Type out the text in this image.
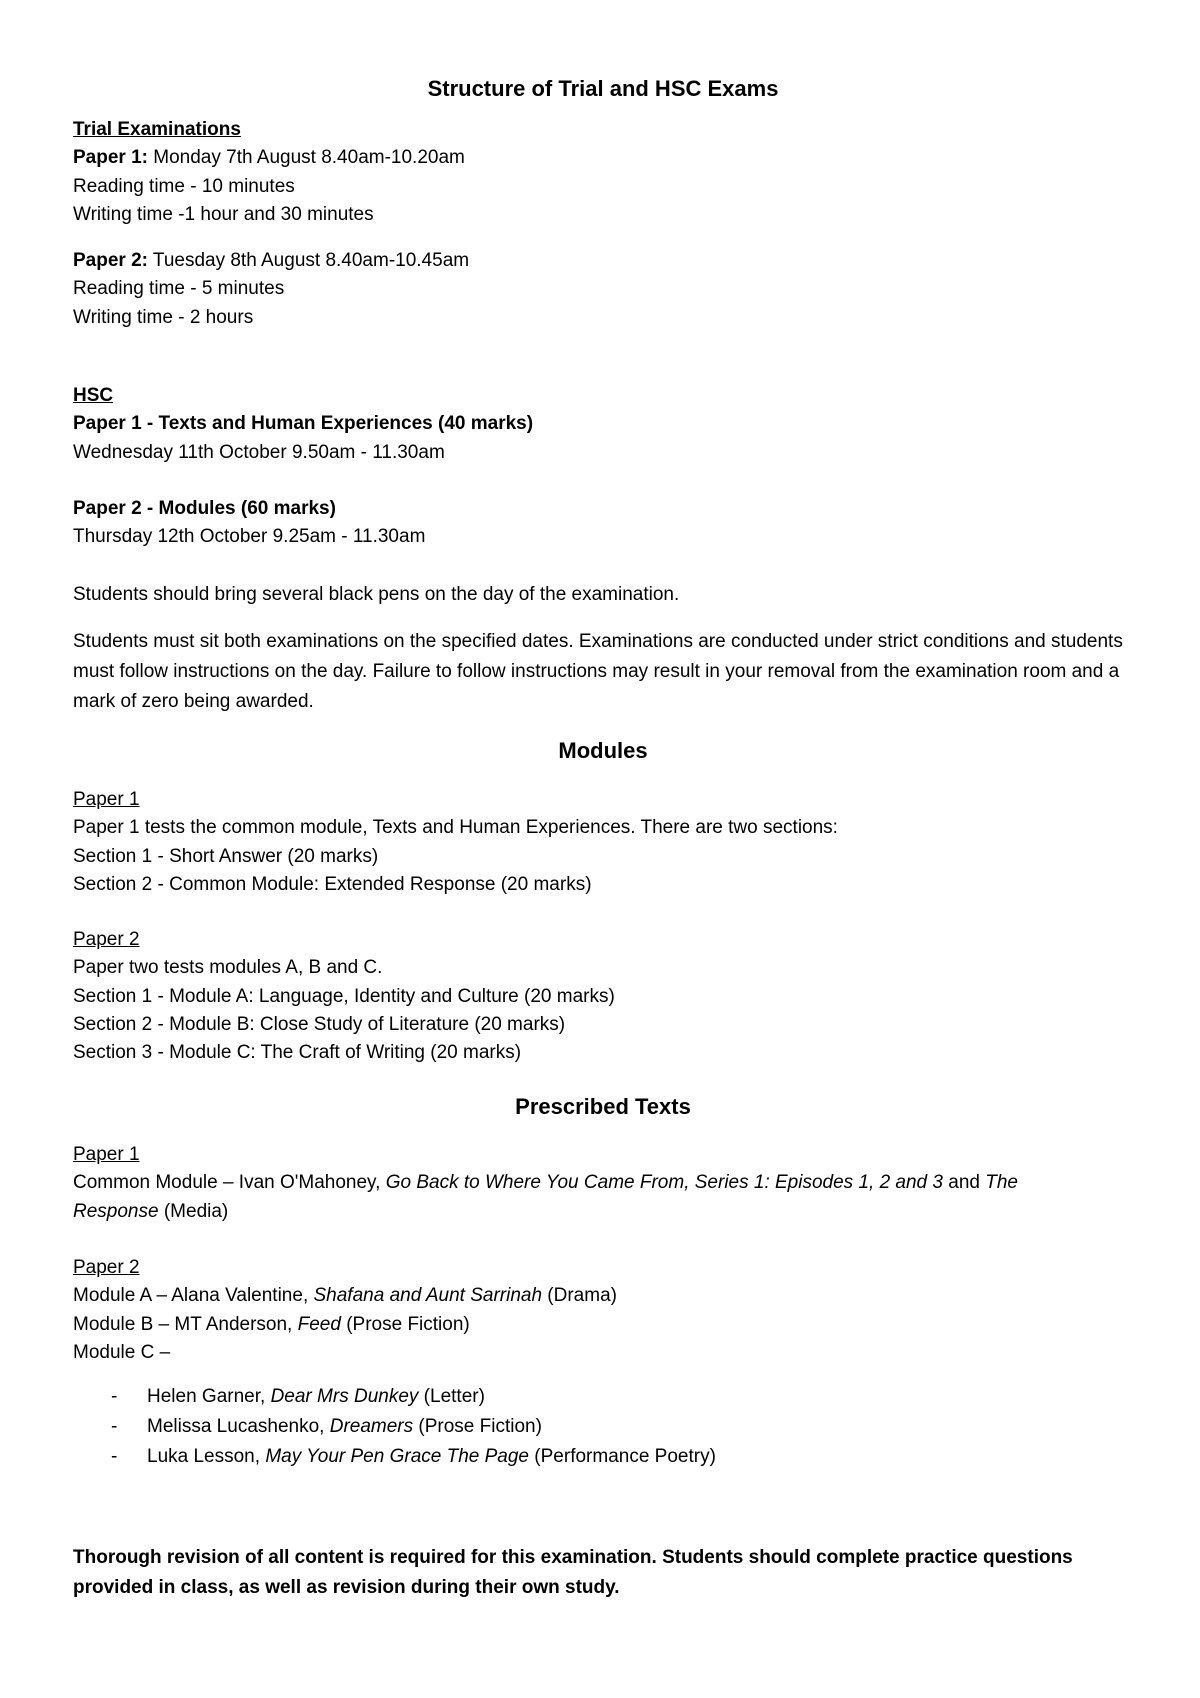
Structure of Trial and HSC Exams
Trial Examinations
Paper 1: Monday 7th August 8.40am-10.20am
Reading time - 10 minutes
Writing time -1 hour and 30 minutes
Paper 2: Tuesday 8th August 8.40am-10.45am
Reading time - 5 minutes
Writing time - 2 hours
HSC
Paper 1 - Texts and Human Experiences (40 marks)
Wednesday 11th October 9.50am - 11.30am
Paper 2 - Modules (60 marks)
Thursday 12th October 9.25am - 11.30am
Students should bring several black pens on the day of the examination.
Students must sit both examinations on the specified dates. Examinations are conducted under strict conditions and students must follow instructions on the day. Failure to follow instructions may result in your removal from the examination room and a mark of zero being awarded.
Modules
Paper 1
Paper 1 tests the common module, Texts and Human Experiences. There are two sections:
Section 1 - Short Answer (20 marks)
Section 2 - Common Module: Extended Response (20 marks)
Paper 2
Paper two tests modules A, B and C.
Section 1 - Module A: Language, Identity and Culture (20 marks)
Section 2 - Module B: Close Study of Literature (20 marks)
Section 3 - Module C: The Craft of Writing (20 marks)
Prescribed Texts
Paper 1
Common Module – Ivan O'Mahoney, Go Back to Where You Came From, Series 1: Episodes 1, 2 and 3 and The
Response (Media)
Paper 2
Module A – Alana Valentine, Shafana and Aunt Sarrinah (Drama)
Module B – MT Anderson, Feed (Prose Fiction)
Module C –
- Helen Garner, Dear Mrs Dunkey (Letter)
- Melissa Lucashenko, Dreamers (Prose Fiction)
- Luka Lesson, May Your Pen Grace The Page (Performance Poetry)
Thorough revision of all content is required for this examination. Students should complete practice questions provided in class, as well as revision during their own study.
